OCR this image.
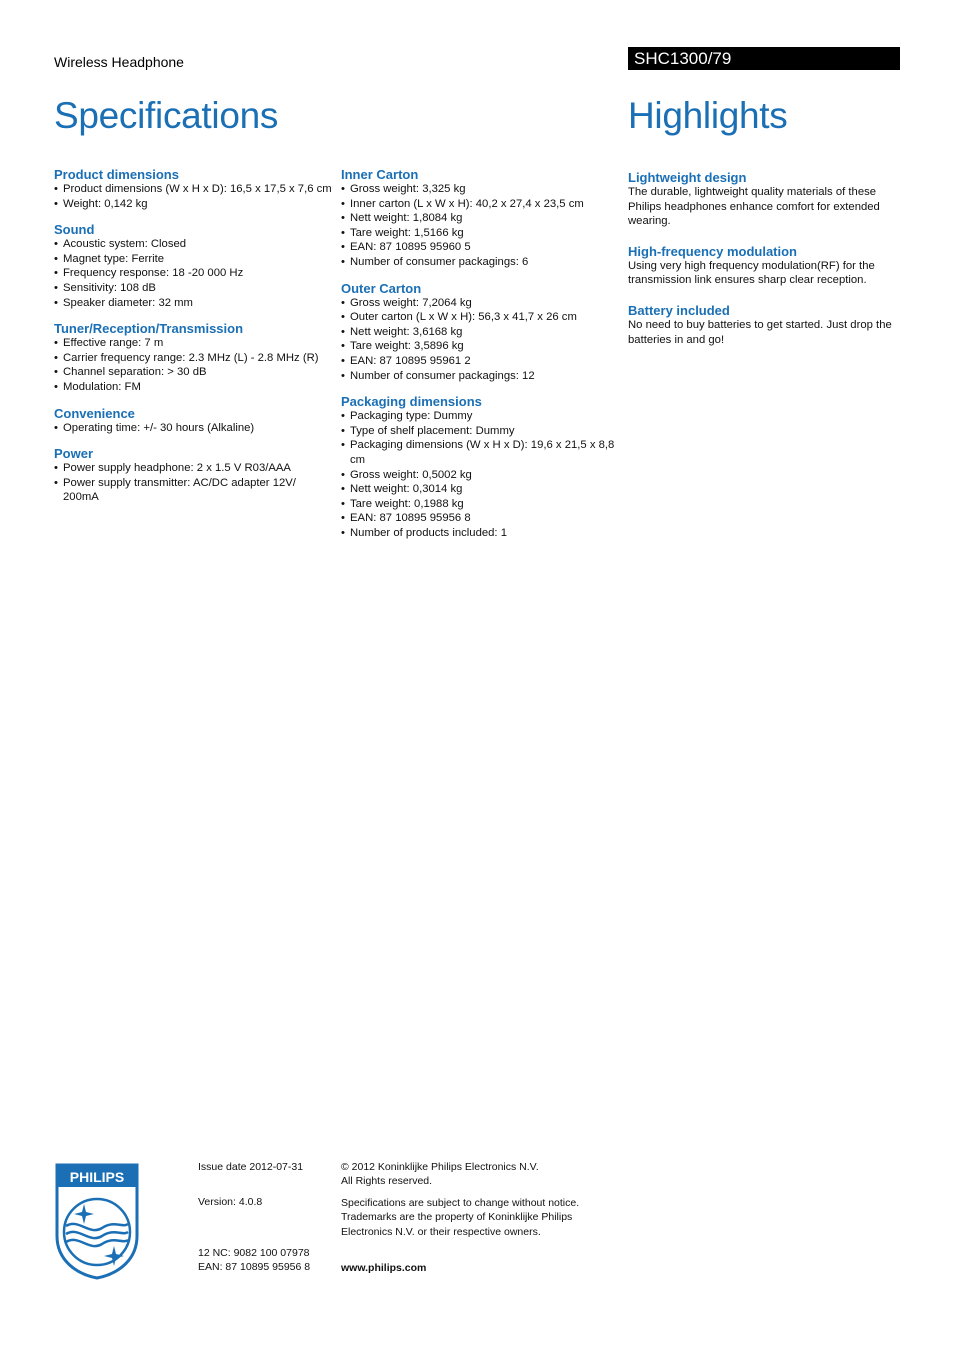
Wireless Headphone	SHC1300/79
Specifications	Highlights

Product dimensions

• Product dimensions (W x H x D): 16,5 x 17,5 x 7,6 cm
• Weight: 0,142 kg

Sound

• Acoustic system: Closed
• Magnet type: Ferrite
• Frequency response: 18 -20 000 Hz
• Sensitivity: 108 dB
• Speaker diameter: 32 mm

Tuner/Reception/Transmission

• Effective range: 7 m
• Carrier frequency range: 2.3 MHz (L) - 2.8 MHz (R)
• Channel separation: > 30 dB
• Modulation: FM

Convenience

• Operating time: +/- 30 hours (Alkaline)

Power

• Power supply headphone: 2 x 1.5 V R03/AAA
• Power supply transmitter: AC/DC adapter 12V/ 200mA

Inner Carton

• Gross weight: 3,325 kg
• Inner carton (L x W x H): 40,2 x 27,4 x 23,5 cm
• Nett weight: 1,8084 kg
• Tare weight: 1,5166 kg
• EAN: 87 10895 95960 5
• Number of consumer packagings: 6

Outer Carton

• Gross weight: 7,2064 kg
• Outer carton (L x W x H): 56,3 x 41,7 x 26 cm
• Nett weight: 3,6168 kg
• Tare weight: 3,5896 kg
• EAN: 87 10895 95961 2
• Number of consumer packagings: 12

Packaging dimensions

• Packaging type: Dummy
• Type of shelf placement: Dummy
• Packaging dimensions (W x H x D): 19,6 x 21,5 x 8,8 cm
• Gross weight: 0,5002 kg
• Nett weight: 0,3014 kg
• Tare weight: 0,1988 kg
• EAN: 87 10895 95956 8
• Number of products included: 1

Lightweight design

The durable, lightweight quality materials of these Philips headphones enhance comfort for extended wearing.

High-frequency modulation

Using very high frequency modulation(RF) for the transmission link ensures sharp clear reception.

Battery included

No need to buy batteries to get started. Just drop the batteries in and go!

PHILIPS
Issue date 2012-07-31
Version: 4.0.8
12 NC: 9082 100 07978
EAN: 87 10895 95956 8
© 2012 Koninklijke Philips Electronics N.V.
All Rights reserved.
Specifications are subject to change without notice.
Trademarks are the property of Koninklijke Philips
Electronics N.V. or their respective owners.
www.philips.com
